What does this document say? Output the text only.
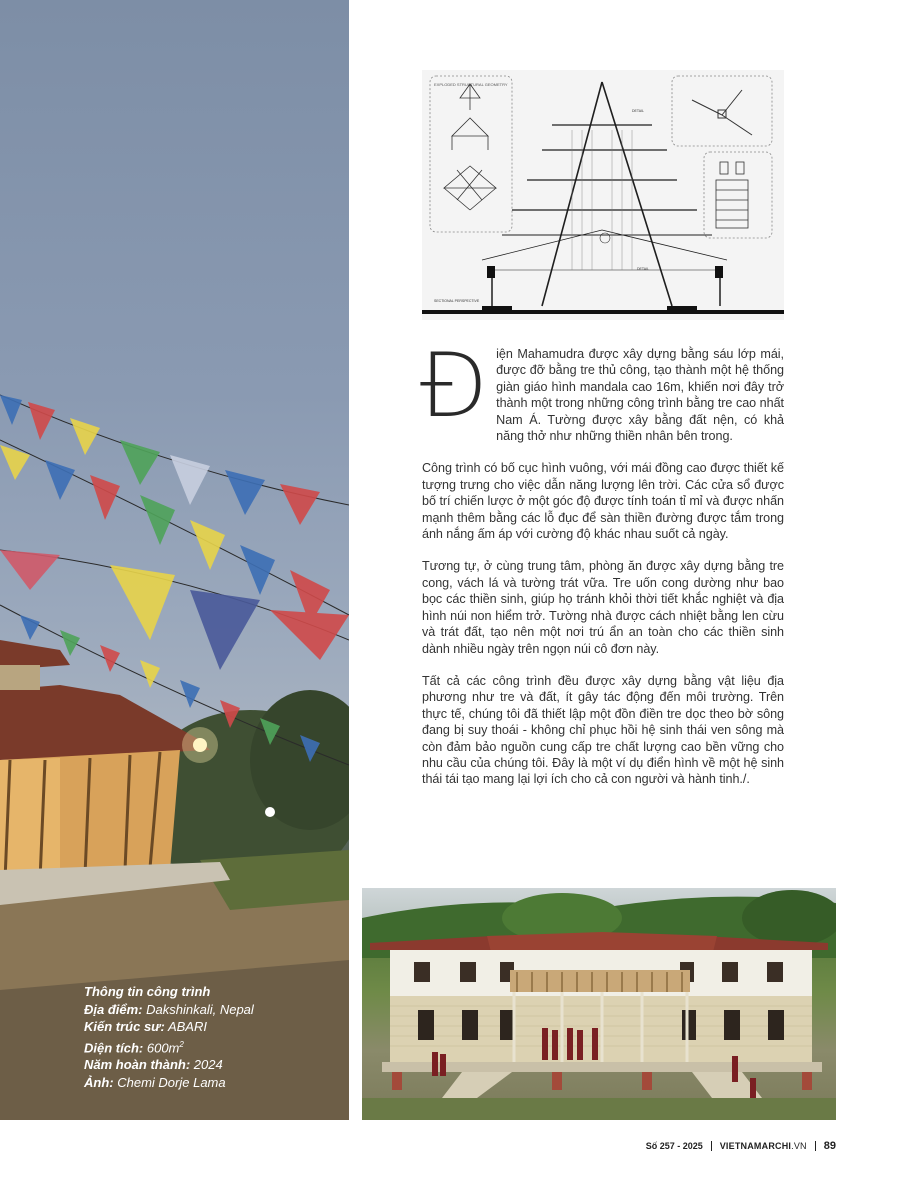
Thông tin công trình
Địa điểm: Dakshinkali, Nepal
Kiến trúc sư: ABARI
Diện tích: $600m^2$
Năm hoàn thành: 2024
Ảnh: Chemi Dorje Lama
EXPLODED STRUCTURAL GEOMETRY
DETAIL
DETAIL
SECTIONAL PERSPECTIVE

Điện Mahamudra được xây dựng bằng sáu lớp mái, được đỡ bằng tre thủ công, tạo thành một hệ thống giàn giáo hình mandala cao 16m, khiến nơi đây trở thành một trong những công trình bằng tre cao nhất Nam Á. Tường được xây bằng đất nện, có khả năng thở như những thiền nhân bên trong.

Công trình có bố cục hình vuông, với mái đồng cao được thiết kế tượng trưng cho việc dẫn năng lượng lên trời. Các cửa sổ được bố trí chiến lược ở một góc độ được tính toán tỉ mỉ và được nhấn mạnh thêm bằng các lỗ đục để sàn thiền đường được tắm trong ánh nắng ấm áp với cường độ khác nhau suốt cả ngày.

Tương tự, ở cùng trung tâm, phòng ăn được xây dựng bằng tre cong, vách lá và tường trát vữa. Tre uốn cong dường như bao bọc các thiền sinh, giúp họ tránh khỏi thời tiết khắc nghiệt và địa hình núi non hiểm trở. Tường nhà được cách nhiệt bằng len cừu và trát đất, tạo nên một nơi trú ẩn an toàn cho các thiền sinh dành nhiều ngày trên ngọn núi cô đơn này.

Tất cả các công trình đều được xây dựng bằng vật liệu địa phương như tre và đất, ít gây tác động đến môi trường. Trên thực tế, chúng tôi đã thiết lập một đồn điền tre dọc theo bờ sông đang bị suy thoái - không chỉ phục hồi hệ sinh thái ven sông mà còn đảm bảo nguồn cung cấp tre chất lượng cao bền vững cho nhu cầu của chúng tôi. Đây là một ví dụ điển hình về một hệ sinh thái tái tạo mang lại lợi ích cho cả con người và hành tinh./.

Số 257 - 2025	VIETNAMARCHI.VN	89
